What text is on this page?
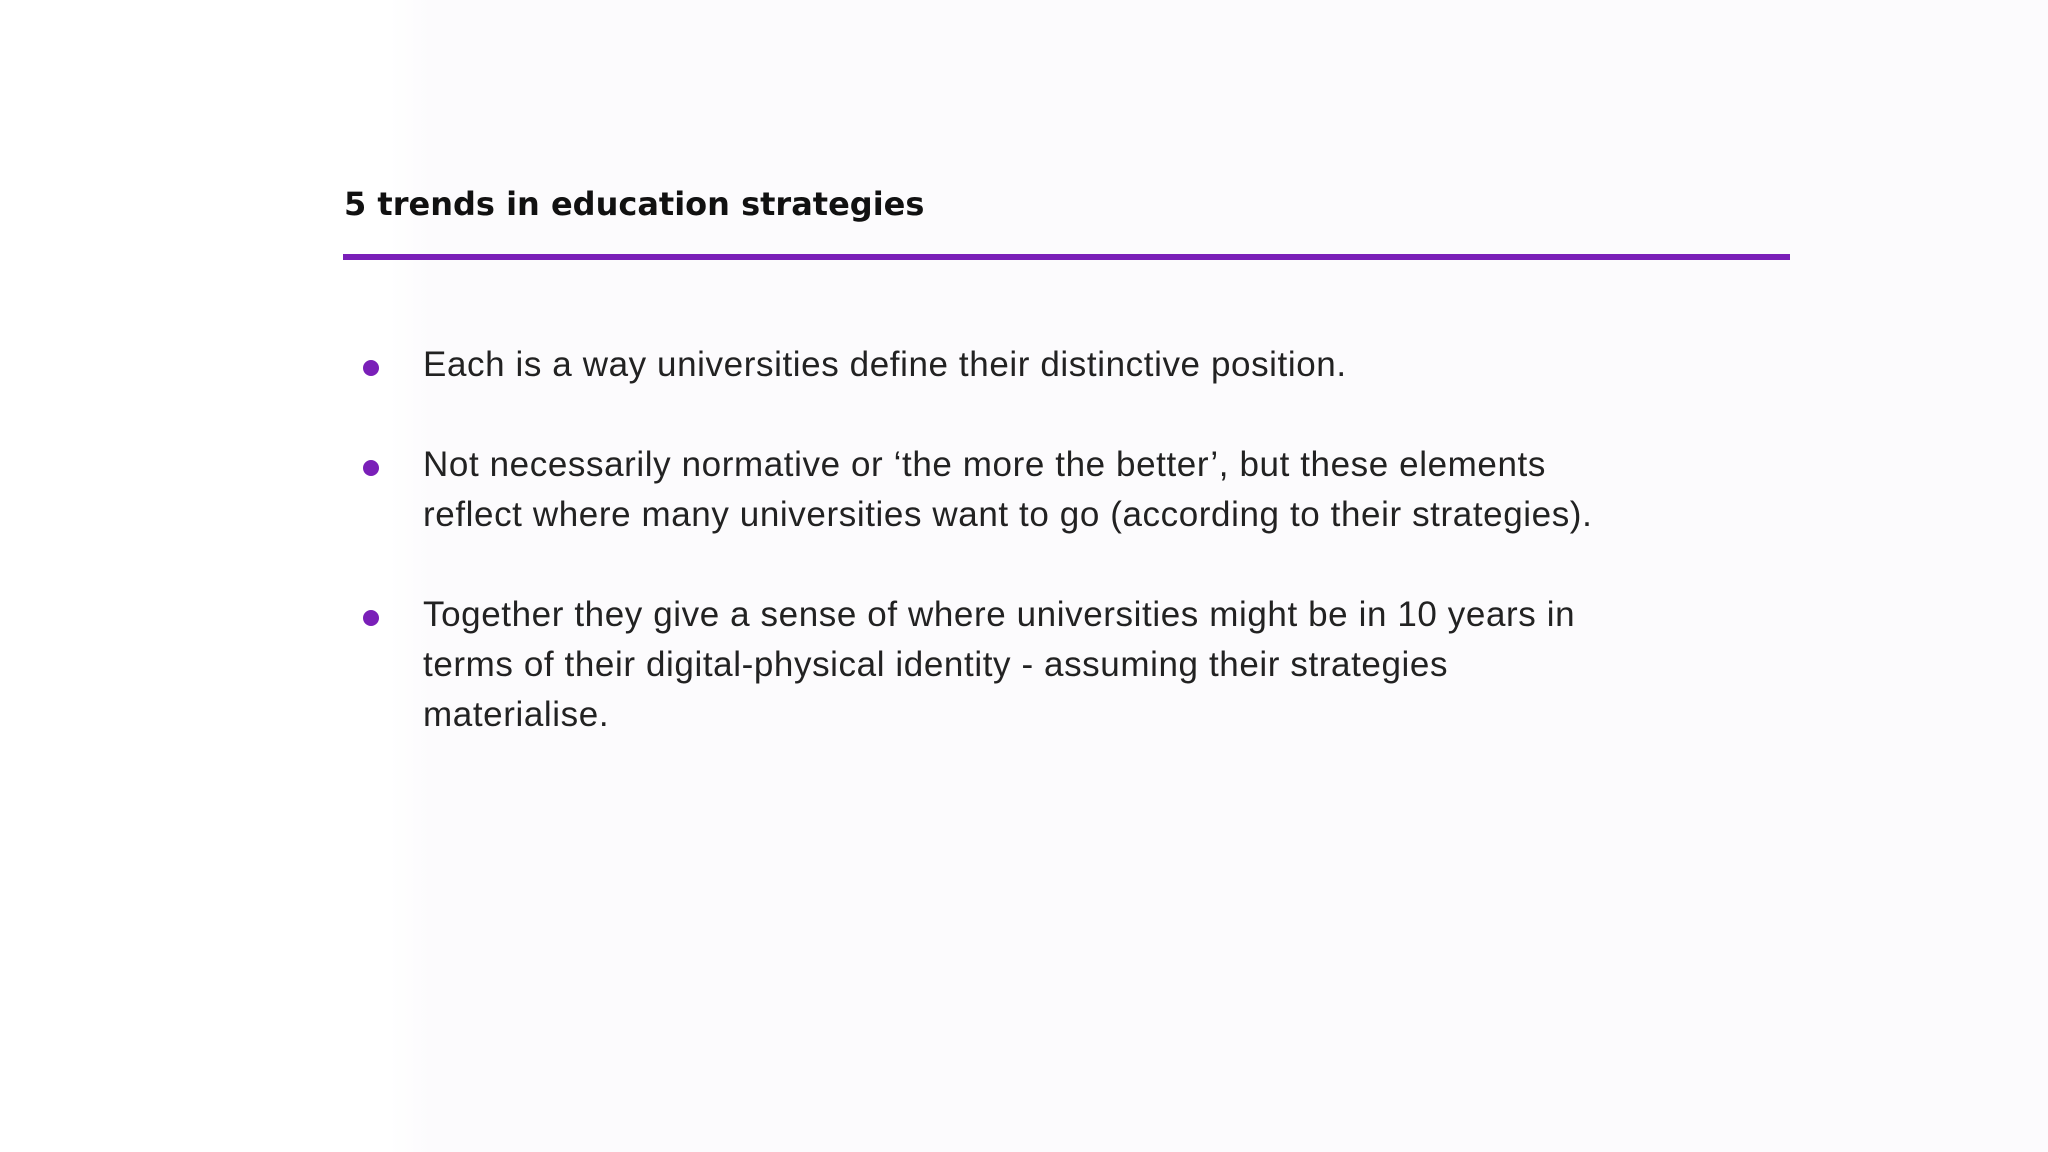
5 trends in education strategies
Each is a way universities define their distinctive position.
Not necessarily normative or ‘the more the better’, but these elements reflect where many universities want to go (according to their strategies).
Together they give a sense of where universities might be in 10 years in terms of their digital-physical identity - assuming their strategies materialise.
